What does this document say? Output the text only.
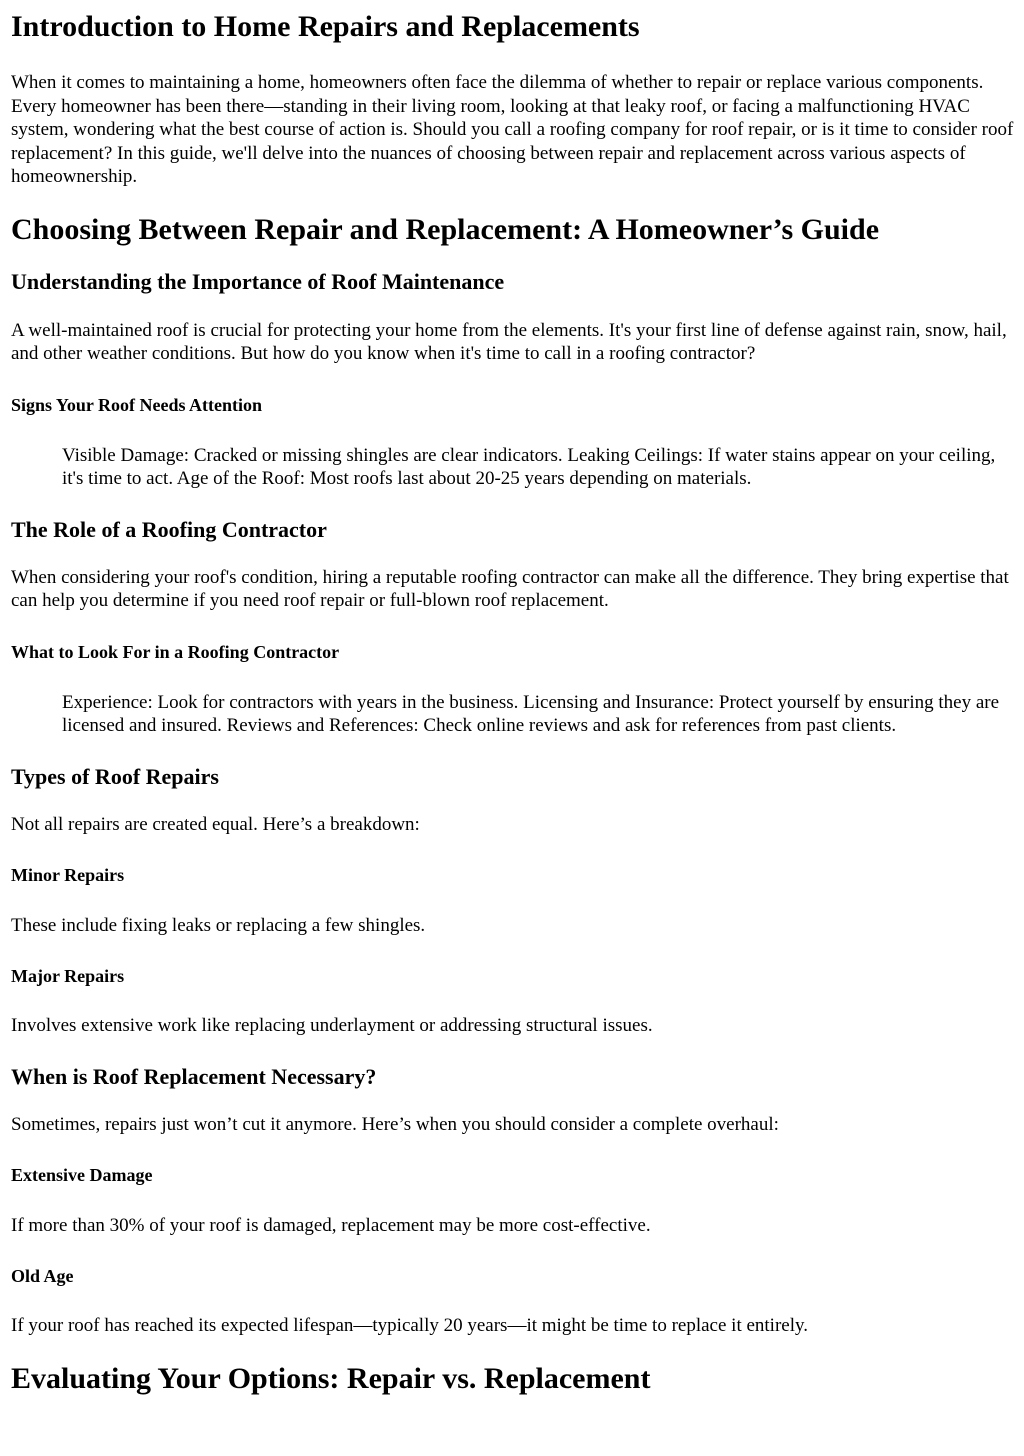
Introduction to Home Repairs and Replacements

When it comes to maintaining a home, homeowners often face the dilemma of whether to repair or replace various components. Every homeowner has been there—standing in their living room, looking at that leaky roof, or facing a malfunctioning HVAC system, wondering what the best course of action is. Should you call a roofing company for roof repair, or is it time to consider roof replacement? In this guide, we'll delve into the nuances of choosing between repair and replacement across various aspects of homeownership.

Choosing Between Repair and Replacement: A Homeowner’s Guide
Understanding the Importance of Roof Maintenance

A well-maintained roof is crucial for protecting your home from the elements. It's your first line of defense against rain, snow, hail, and other weather conditions. But how do you know when it's time to call in a roofing contractor?

Signs Your Roof Needs Attention
Visible Damage: Cracked or missing shingles are clear indicators. Leaking Ceilings: If water stains appear on your ceiling, it's time to act. Age of the Roof: Most roofs last about 20-25 years depending on materials.
The Role of a Roofing Contractor

When considering your roof's condition, hiring a reputable roofing contractor can make all the difference. They bring expertise that can help you determine if you need roof repair or full-blown roof replacement.

What to Look For in a Roofing Contractor
Experience: Look for contractors with years in the business. Licensing and Insurance: Protect yourself by ensuring they are licensed and insured. Reviews and References: Check online reviews and ask for references from past clients.
Types of Roof Repairs

Not all repairs are created equal. Here’s a breakdown:

Minor Repairs

These include fixing leaks or replacing a few shingles.

Major Repairs

Involves extensive work like replacing underlayment or addressing structural issues.

When is Roof Replacement Necessary?

Sometimes, repairs just won’t cut it anymore. Here’s when you should consider a complete overhaul:

Extensive Damage

If more than 30% of your roof is damaged, replacement may be more cost-effective.

Old Age

If your roof has reached its expected lifespan—typically 20 years—it might be time to replace it entirely.

Evaluating Your Options: Repair vs. Replacement
